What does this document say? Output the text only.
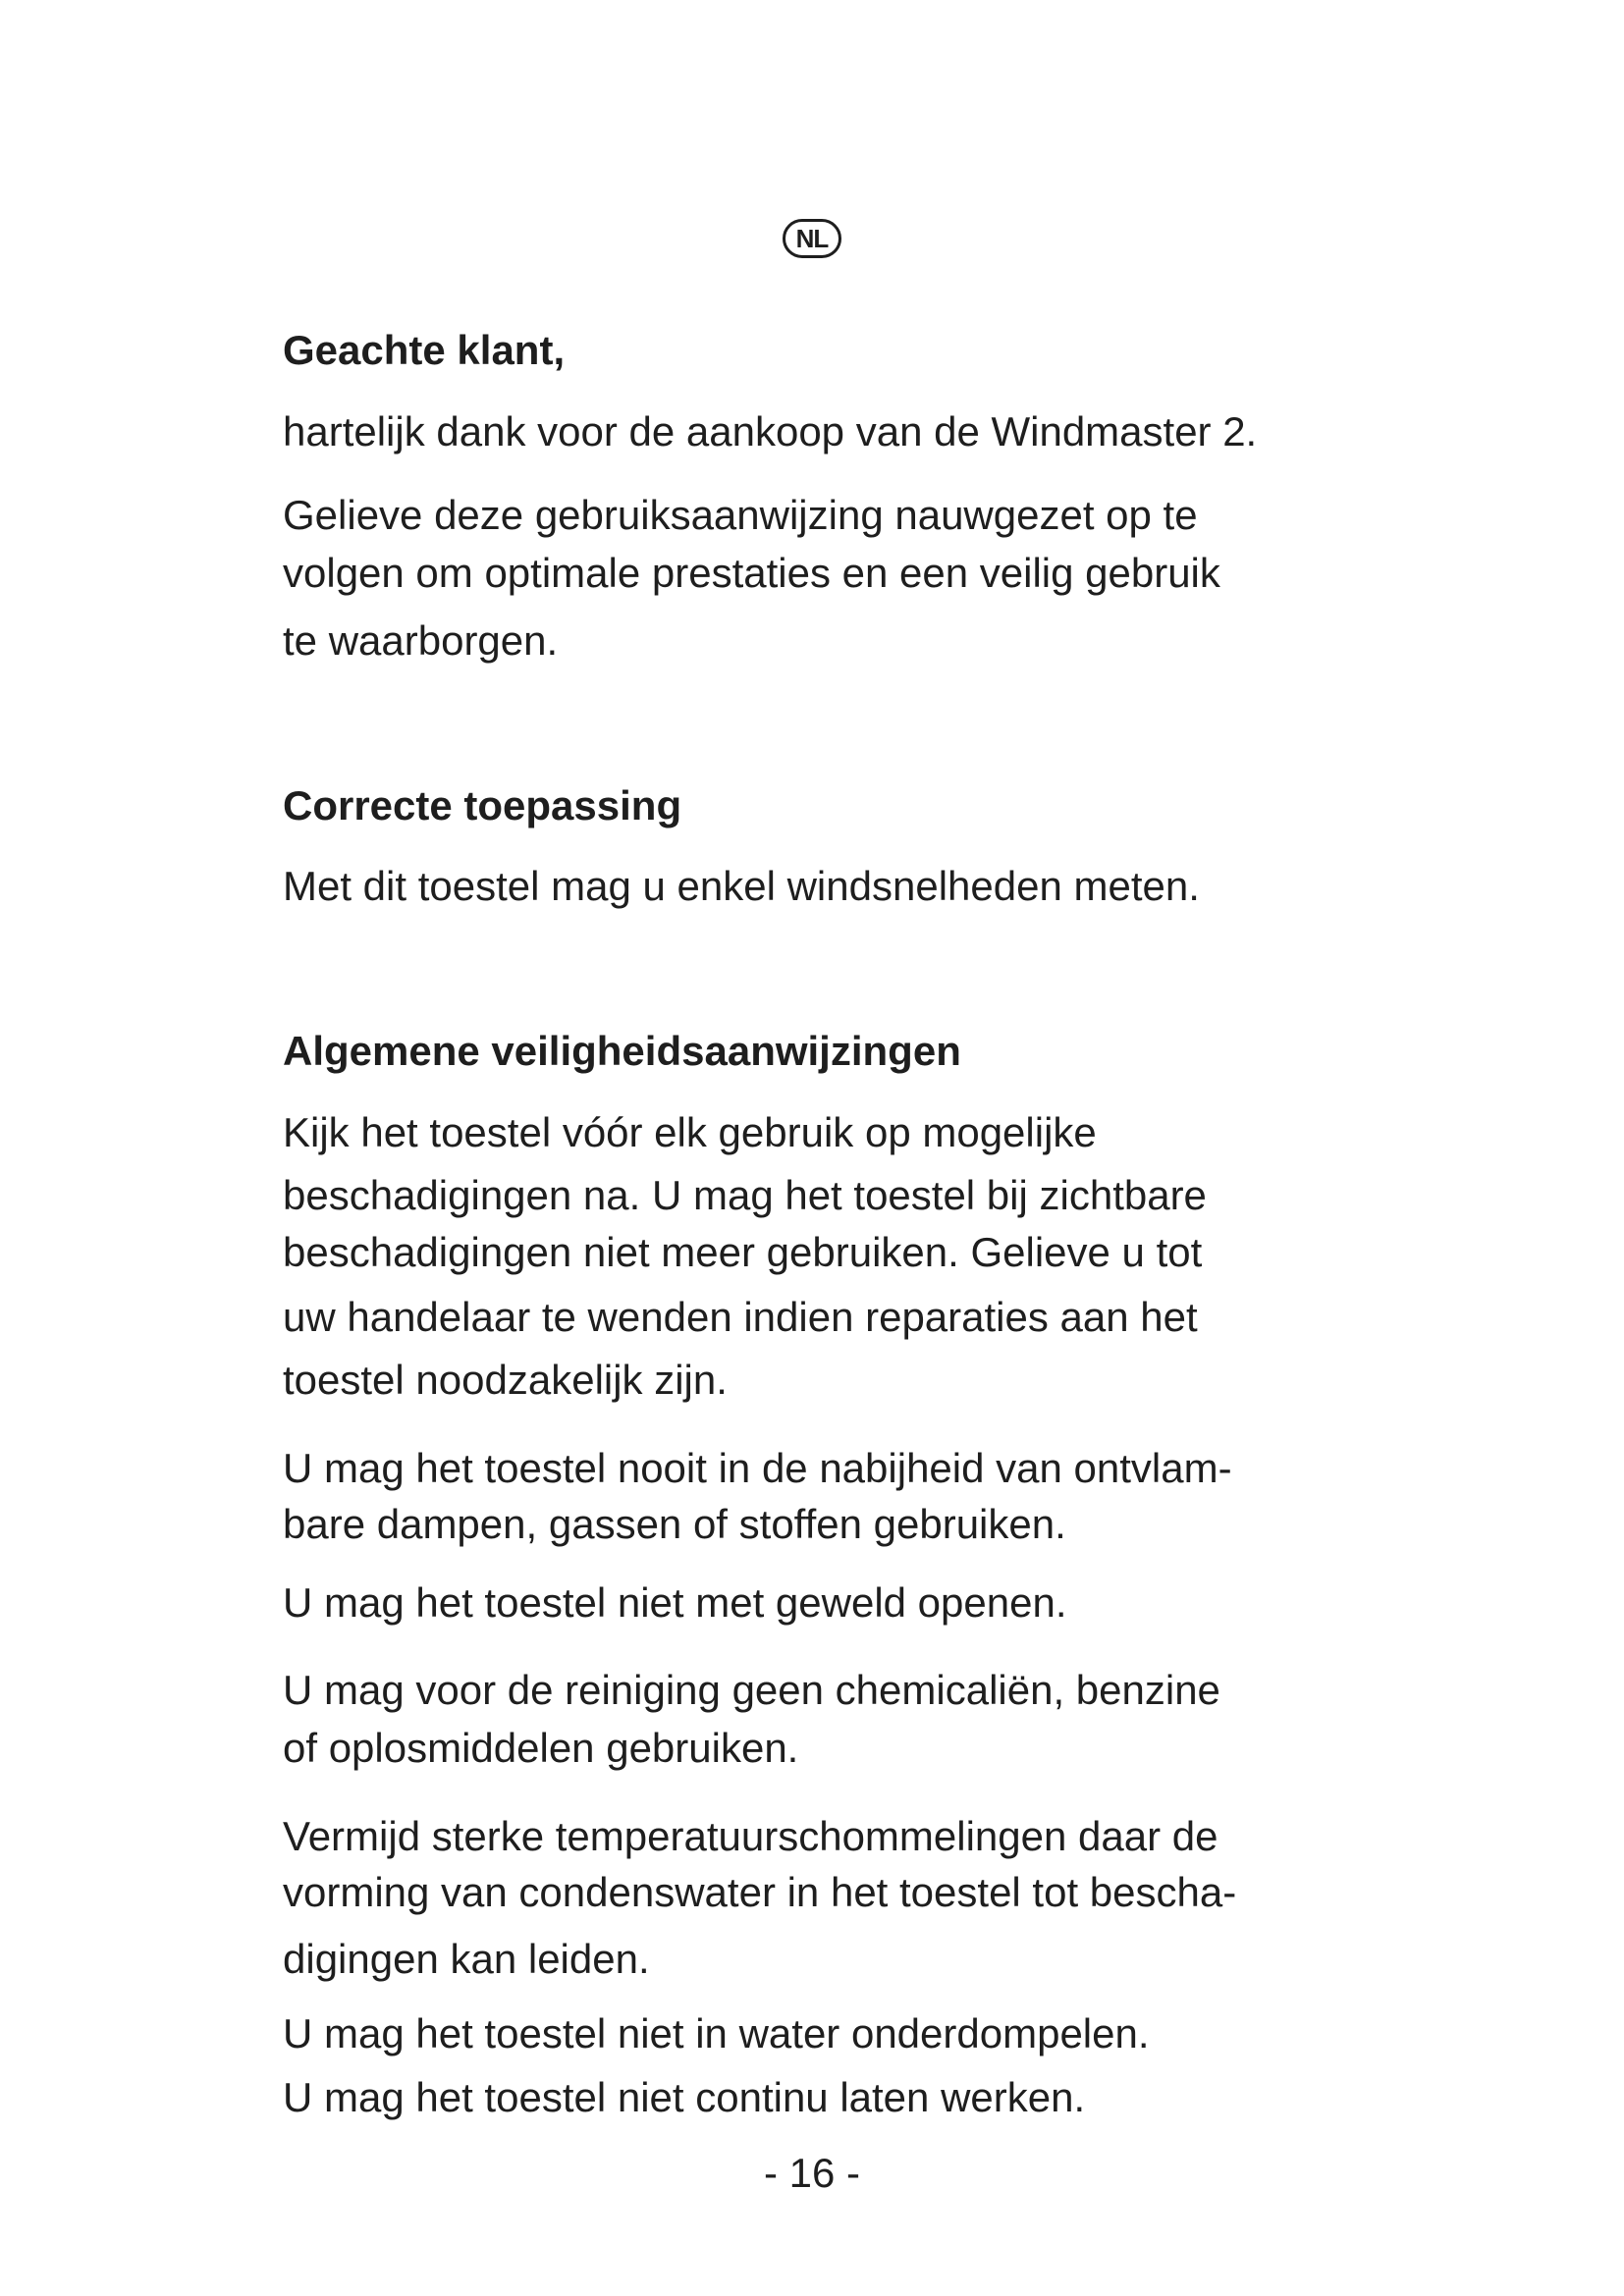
NL
Geachte klant,
hartelijk dank voor de aankoop van de Windmaster 2.
Gelieve deze gebruiksaanwijzing nauwgezet op te
volgen om optimale prestaties en een veilig gebruik
te waarborgen.
Correcte toepassing
Met dit toestel mag u enkel windsnelheden meten.
Algemene veiligheidsaanwijzingen
Kijk het toestel vóór elk gebruik op mogelijke
beschadigingen na. U mag het toestel bij zichtbare
beschadigingen niet meer gebruiken. Gelieve u tot
uw handelaar te wenden indien reparaties aan het
toestel noodzakelijk zijn.
U mag het toestel nooit in de nabijheid van ontvlam-
bare dampen, gassen of stoffen gebruiken.
U mag het toestel niet met geweld openen.
U mag voor de reiniging geen chemicaliën, benzine
of oplosmiddelen gebruiken.
Vermijd sterke temperatuurschommelingen daar de
vorming van condenswater in het toestel tot bescha-
digingen kan leiden.
U mag het toestel niet in water onderdompelen.
U mag het toestel niet continu laten werken.
- 16 -
